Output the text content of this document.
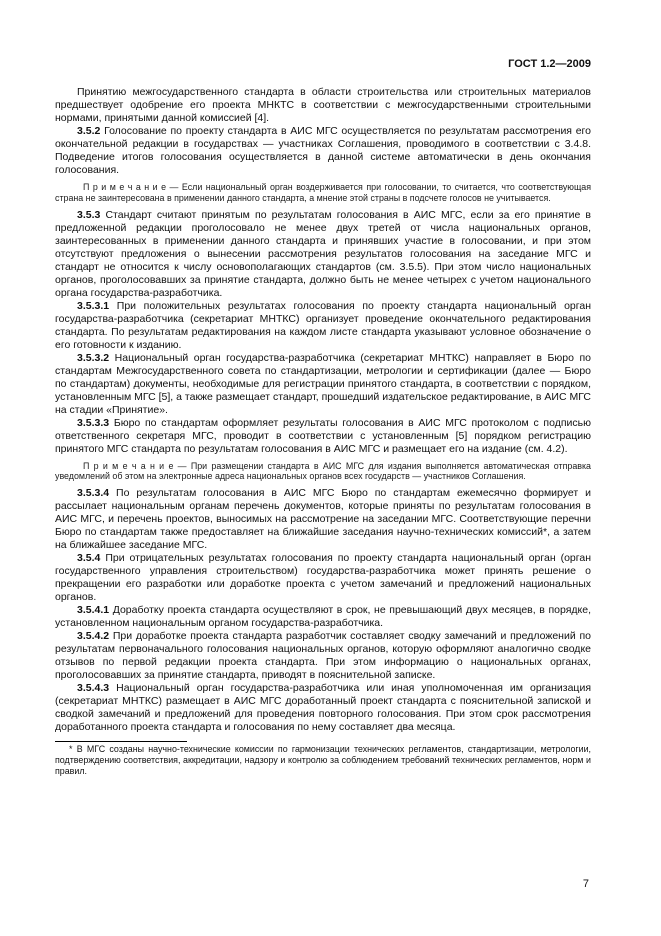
ГОСТ 1.2—2009

Принятию межгосударственного стандарта в области строительства или строительных материалов предшествует одобрение его проекта МНКТС в соответствии с межгосударственными строительными нормами, принятыми данной комиссией [4].

3.5.2 Голосование по проекту стандарта в АИС МГС осуществляется по результатам рассмотрения его окончательной редакции в государствах — участниках Соглашения, проводимого в соответствии с 3.4.8. Подведение итогов голосования осуществляется в данной системе автоматически в день окончания голосования.

П р и м е ч а н и е — Если национальный орган воздерживается при голосовании, то считается, что соответствующая страна не заинтересована в применении данного стандарта, а мнение этой страны в подсчете голосов не учитывается.

3.5.3 Стандарт считают принятым по результатам голосования в АИС МГС, если за его принятие в предложенной редакции проголосовало не менее двух третей от числа национальных органов, заинтересованных в применении данного стандарта и принявших участие в голосовании, и при этом отсутствуют предложения о вынесении рассмотрения результатов голосования на заседание МГС и стандарт не относится к числу основополагающих стандартов (см. 3.5.5). При этом число национальных органов, проголосовавших за принятие стандарта, должно быть не менее четырех с учетом национального органа государства-разработчика.

3.5.3.1 При положительных результатах голосования по проекту стандарта национальный орган государства-разработчика (секретариат МНТКС) организует проведение окончательного редактирования стандарта. По результатам редактирования на каждом листе стандарта указывают условное обозначение о его готовности к изданию.

3.5.3.2 Национальный орган государства-разработчика (секретариат МНТКС) направляет в Бюро по стандартам Межгосударственного совета по стандартизации, метрологии и сертификации (далее — Бюро по стандартам) документы, необходимые для регистрации принятого стандарта, в соответствии с порядком, установленным МГС [5], а также размещает стандарт, прошедший издательское редактирование, в АИС МГС на стадии «Принятие».

3.5.3.3 Бюро по стандартам оформляет результаты голосования в АИС МГС протоколом с подписью ответственного секретаря МГС, проводит в соответствии с установленным [5] порядком регистрацию принятого МГС стандарта по результатам голосования в АИС МГС и размещает его на издание (см. 4.2).

П р и м е ч а н и е — При размещении стандарта в АИС МГС для издания выполняется автоматическая отправка уведомлений об этом на электронные адреса национальных органов всех государств — участников Соглашения.

3.5.3.4 По результатам голосования в АИС МГС Бюро по стандартам ежемесячно формирует и рассылает национальным органам перечень документов, которые приняты по результатам голосования в АИС МГС, и перечень проектов, выносимых на рассмотрение на заседании МГС. Соответствующие перечни Бюро по стандартам также предоставляет на ближайшие заседания научно-технических комиссий*, а затем на ближайшее заседание МГС.

3.5.4 При отрицательных результатах голосования по проекту стандарта национальный орган (орган государственного управления строительством) государства-разработчика может принять решение о прекращении его разработки или доработке проекта с учетом замечаний и предложений национальных органов.

3.5.4.1 Доработку проекта стандарта осуществляют в срок, не превышающий двух месяцев, в порядке, установленном национальным органом государства-разработчика.

3.5.4.2 При доработке проекта стандарта разработчик составляет сводку замечаний и предложений по результатам первоначального голосования национальных органов, которую оформляют аналогично сводке отзывов по первой редакции проекта стандарта. При этом информацию о национальных органах, проголосовавших за принятие стандарта, приводят в пояснительной записке.

3.5.4.3 Национальный орган государства-разработчика или иная уполномоченная им организация (секретариат МНТКС) размещает в АИС МГС доработанный проект стандарта с пояснительной запиской и сводкой замечаний и предложений для проведения повторного голосования. При этом срок рассмотрения доработанного проекта стандарта и голосования по нему составляет два месяца.

* В МГС созданы научно-технические комиссии по гармонизации технических регламентов, стандартизации, метрологии, подтверждению соответствия, аккредитации, надзору и контролю за соблюдением требований технических регламентов, норм и правил.
7
